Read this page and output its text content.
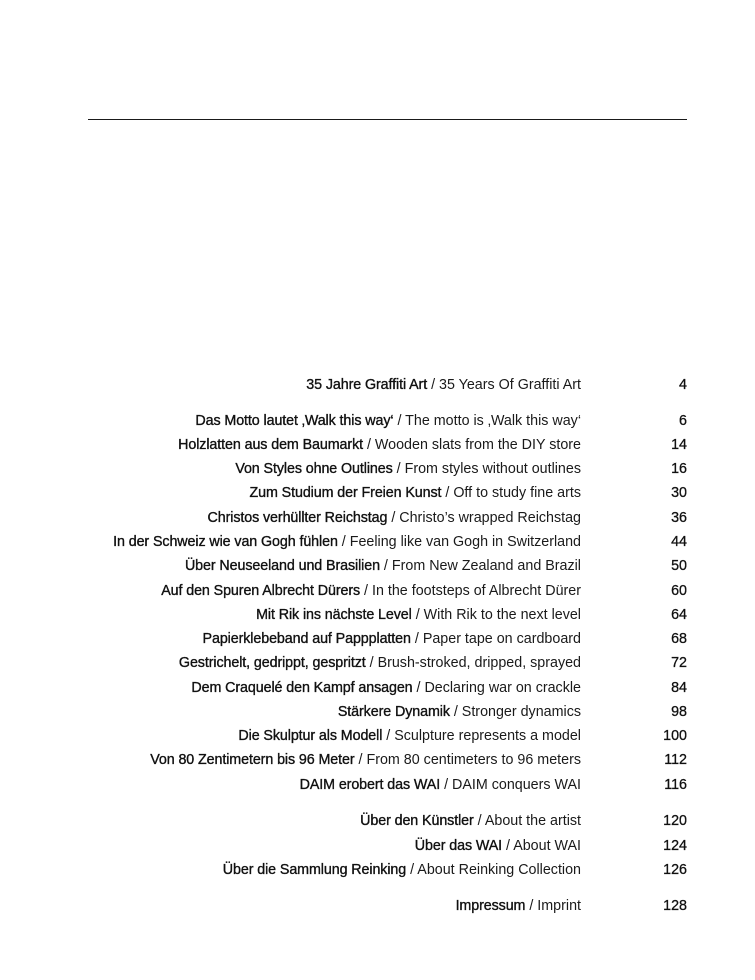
35 Jahre Graffiti Art / 35 Years Of Graffiti Art	4
Das Motto lautet ‚Walk this way‘ / The motto is ‚Walk this way‘	6
Holzlatten aus dem Baumarkt / Wooden slats from the DIY store	14
Von Styles ohne Outlines / From styles without outlines	16
Zum Studium der Freien Kunst / Off to study fine arts	30
Christos verhüllter Reichstag / Christo’s wrapped Reichstag	36
In der Schweiz wie van Gogh fühlen / Feeling like van Gogh in Switzerland	44
Über Neuseeland und Brasilien / From New Zealand and Brazil	50
Auf den Spuren Albrecht Dürers / In the footsteps of Albrecht Dürer	60
Mit Rik ins nächste Level / With Rik to the next level	64
Papierklebeband auf Pappplatten / Paper tape on cardboard	68
Gestrichelt, gedrippt, gespritzt / Brush-stroked, dripped, sprayed	72
Dem Craquelé den Kampf ansagen / Declaring war on crackle	84
Stärkere Dynamik / Stronger dynamics	98
Die Skulptur als Modell / Sculpture represents a model	100
Von 80 Zentimetern bis 96 Meter / From 80 centimeters to 96 meters	112
DAIM erobert das WAI / DAIM conquers WAI	116
Über den Künstler / About the artist	120
Über das WAI / About WAI	124
Über die Sammlung Reinking / About Reinking Collection	126
Impressum / Imprint	128
